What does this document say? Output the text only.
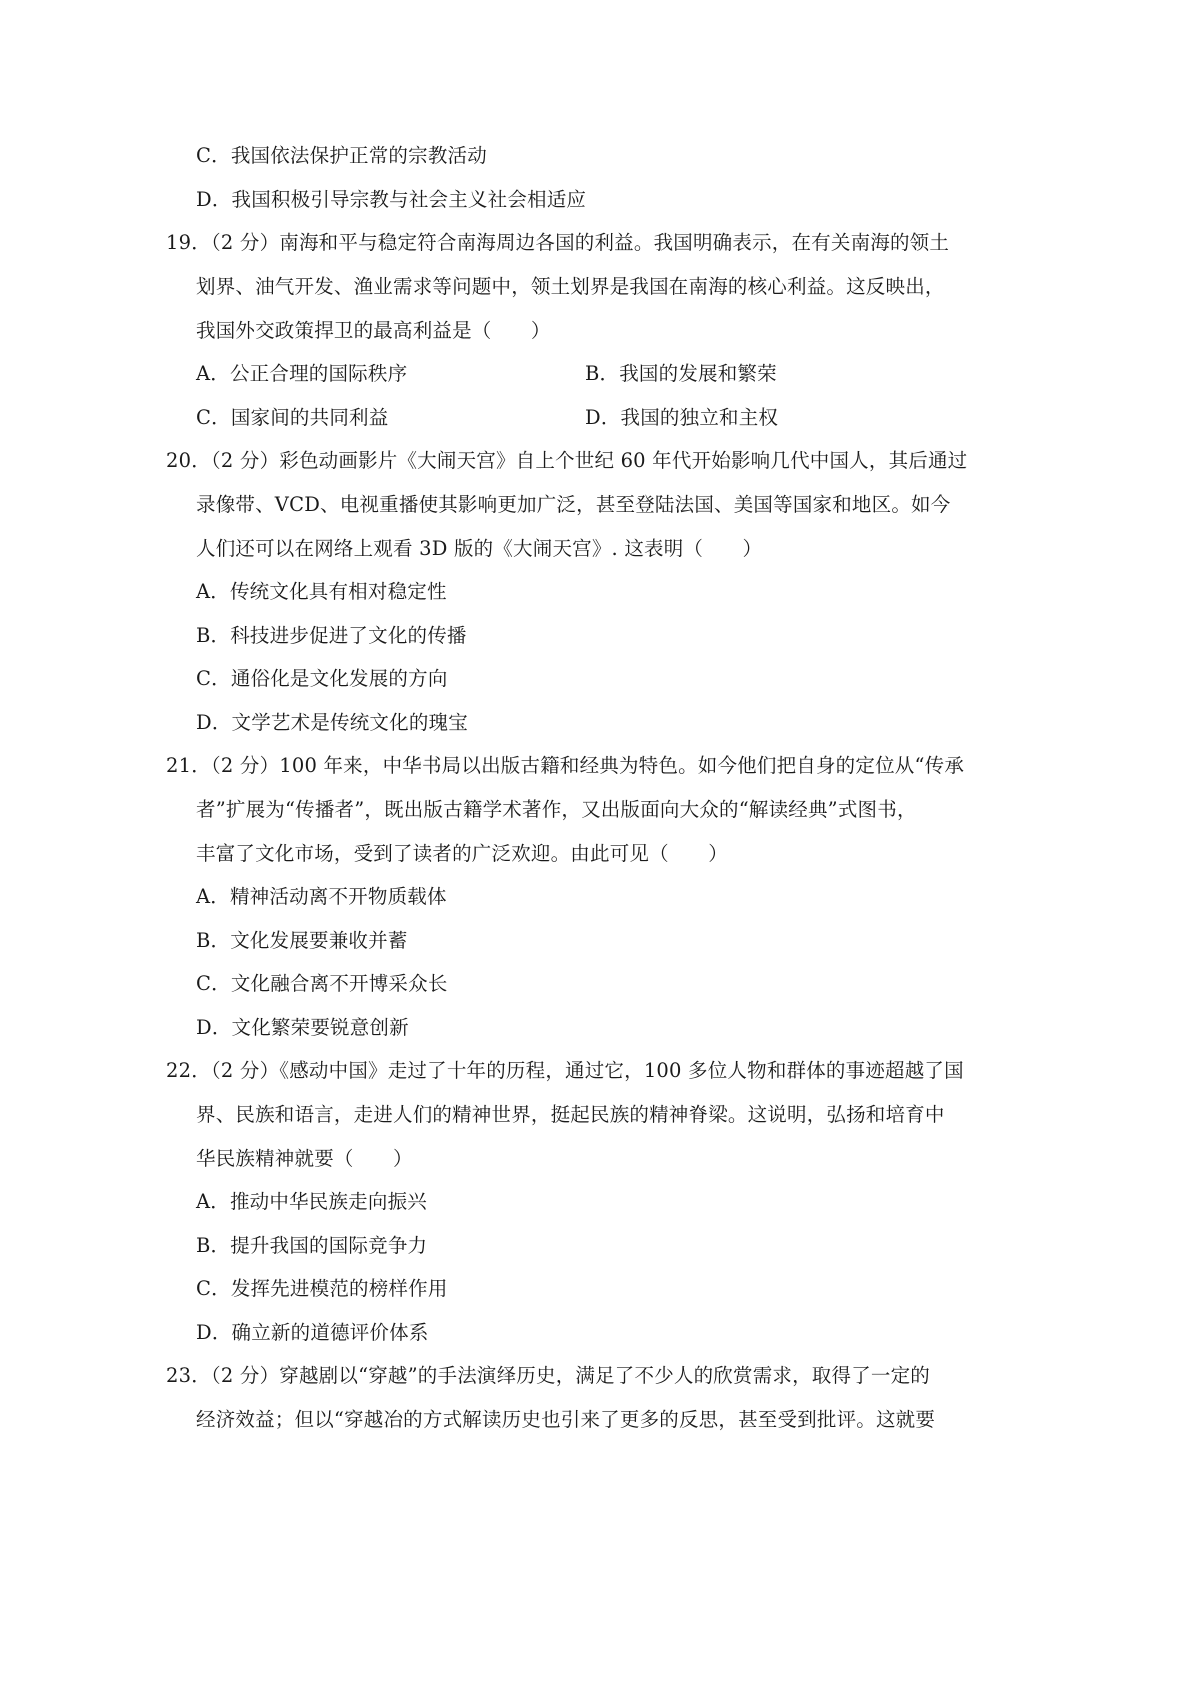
C．我国依法保护正常的宗教活动
D．我国积极引导宗教与社会主义社会相适应
19．（2 分）南海和平与稳定符合南海周边各国的利益。我国明确表示，在有关南海的领土
划界、油气开发、渔业需求等问题中，领土划界是我国在南海的核心利益。这反映出，
我国外交政策捍卫的最高利益是（　　）
A．公正合理的国际秩序	B．我国的发展和繁荣
C．国家间的共同利益	D．我国的独立和主权
20．（2 分）彩色动画影片《大闹天宫》自上个世纪 60 年代开始影响几代中国人，其后通过
录像带、VCD、电视重播使其影响更加广泛，甚至登陆法国、美国等国家和地区。如今
人们还可以在网络上观看 3D 版的《大闹天宫》. 这表明（　　）
A．传统文化具有相对稳定性
B．科技进步促进了文化的传播
C．通俗化是文化发展的方向
D．文学艺术是传统文化的瑰宝
21．（2 分）100 年来，中华书局以出版古籍和经典为特色。如今他们把自身的定位从“传承
者”扩展为“传播者”，既出版古籍学术著作，又出版面向大众的“解读经典”式图书，
丰富了文化市场，受到了读者的广泛欢迎。由此可见（　　）
A．精神活动离不开物质载体
B．文化发展要兼收并蓄
C．文化融合离不开博采众长
D．文化繁荣要锐意创新
22．（2 分）《感动中国》走过了十年的历程，通过它，100 多位人物和群体的事迹超越了国
界、民族和语言，走进人们的精神世界，挺起民族的精神脊梁。这说明，弘扬和培育中
华民族精神就要（　　）
A．推动中华民族走向振兴
B．提升我国的国际竞争力
C．发挥先进模范的榜样作用
D．确立新的道德评价体系
23．（2 分）穿越剧以“穿越”的手法演绎历史，满足了不少人的欣赏需求，取得了一定的
经济效益；但以“穿越冶的方式解读历史也引来了更多的反思，甚至受到批评。这就要
